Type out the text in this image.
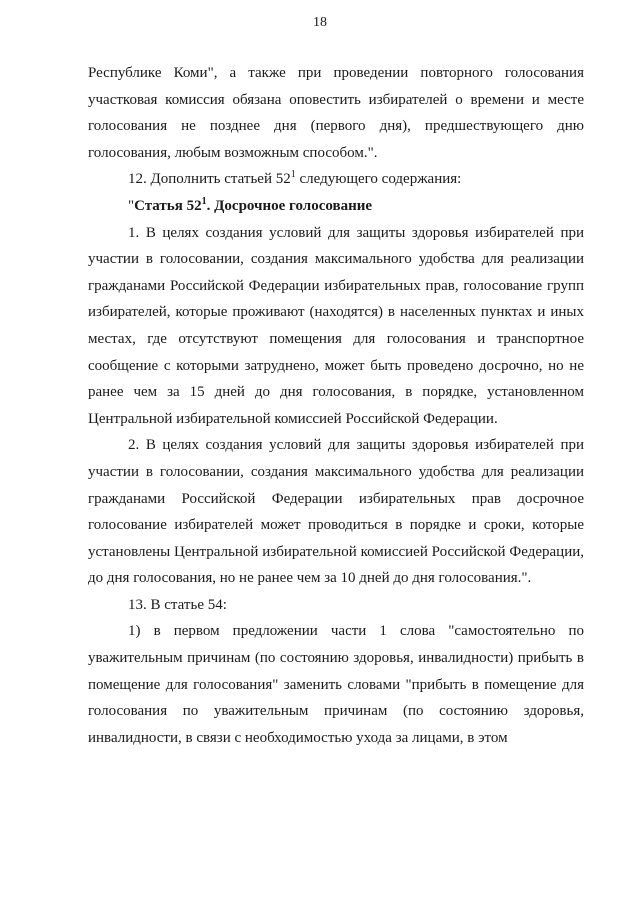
18

Республике Коми", а также при проведении повторного голосования участковая комиссия обязана оповестить избирателей о времени и месте голосования не позднее дня (первого дня), предшествующего дню голосования, любым возможным способом.".

12. Дополнить статьей $52^1$ следующего содержания:

"Статья $52^1$. Досрочное голосование

1. В целях создания условий для защиты здоровья избирателей при участии в голосовании, создания максимального удобства для реализации гражданами Российской Федерации избирательных прав, голосование групп избирателей, которые проживают (находятся) в населенных пунктах и иных местах, где отсутствуют помещения для голосования и транспортное сообщение с которыми затруднено, может быть проведено досрочно, но не ранее чем за 15 дней до дня голосования, в порядке, установленном Центральной избирательной комиссией Российской Федерации.

2. В целях создания условий для защиты здоровья избирателей при участии в голосовании, создания максимального удобства для реализации гражданами Российской Федерации избирательных прав досрочное голосование избирателей может проводиться в порядке и сроки, которые установлены Центральной избирательной комиссией Российской Федерации, до дня голосования, но не ранее чем за 10 дней до дня голосования.".

13. В статье 54:

1) в первом предложении части 1 слова "самостоятельно по уважительным причинам (по состоянию здоровья, инвалидности) прибыть в помещение для голосования" заменить словами "прибыть в помещение для голосования по уважительным причинам (по состоянию здоровья, инвалидности, в связи с необходимостью ухода за лицами, в этом
